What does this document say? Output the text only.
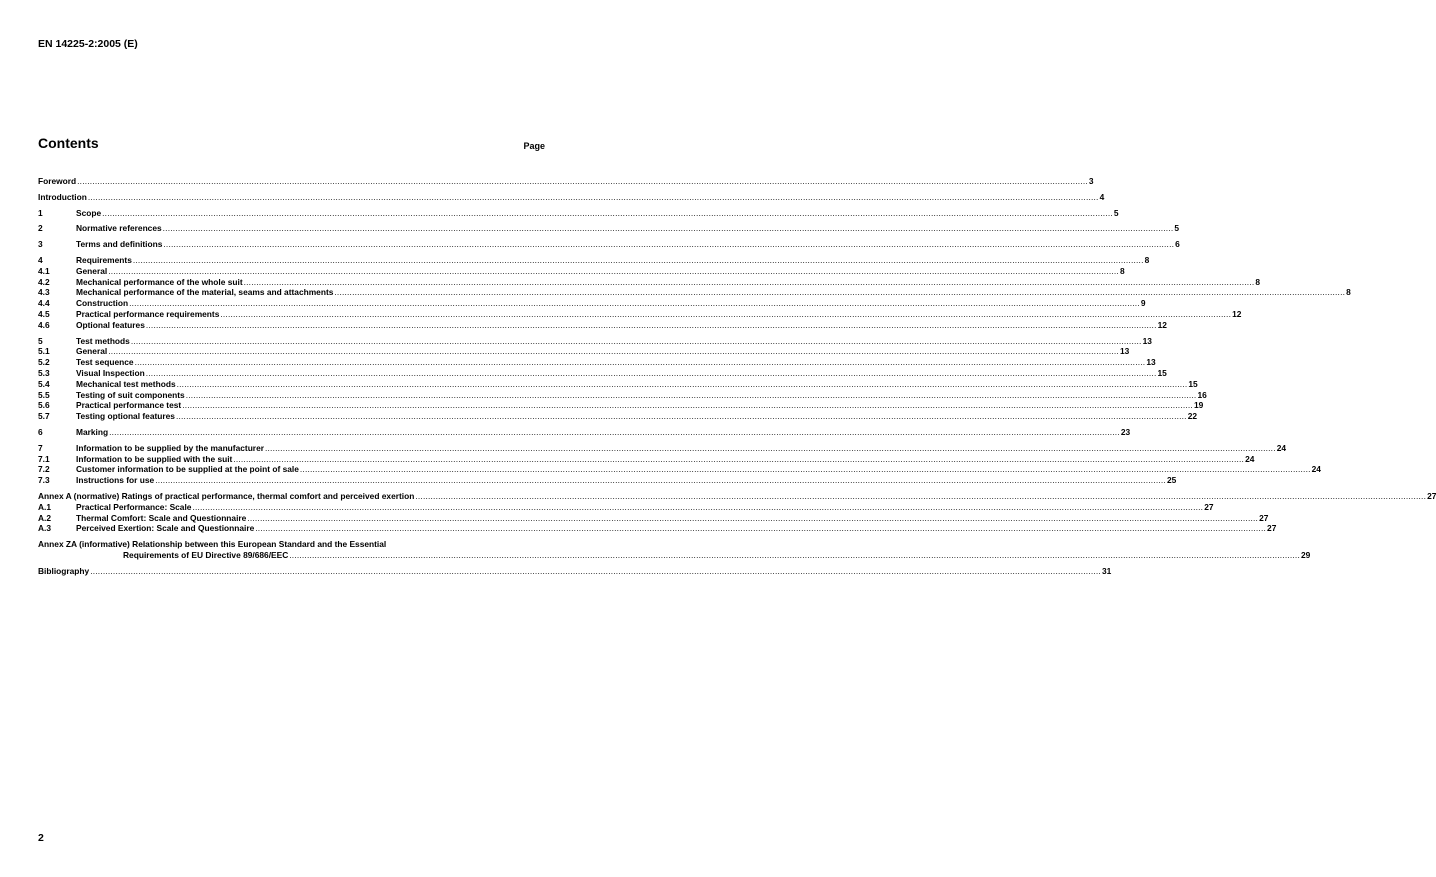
EN 14225-2:2005 (E)
Contents	Page
Foreword ................................................................................................................................................................................................................................................................................................................................................................................................................ 3
Introduction ................................................................................................................................................................................................................................................................................................................................................................................................................ 4
1	Scope ................................................................................................................................................................................................................................................................................................................................................................................................................ 5
2	Normative references ................................................................................................................................................................................................................................................................................................................................................................................................................ 5
3	Terms and definitions ................................................................................................................................................................................................................................................................................................................................................................................................................ 6
4	Requirements ................................................................................................................................................................................................................................................................................................................................................................................................................ 8
4.1	General ................................................................................................................................................................................................................................................................................................................................................................................................................ 8
4.2	Mechanical performance of the whole suit ................................................................................................................................................................................................................................................................................................................................................................................................................ 8
4.3	Mechanical performance of the material, seams and attachments ................................................................................................................................................................................................................................................................................................................................................................................................................ 8
4.4	Construction ................................................................................................................................................................................................................................................................................................................................................................................................................ 9
4.5	Practical performance requirements ................................................................................................................................................................................................................................................................................................................................................................................................................ 12
4.6	Optional features ................................................................................................................................................................................................................................................................................................................................................................................................................ 12
5	Test methods ................................................................................................................................................................................................................................................................................................................................................................................................................ 13
5.1	General ................................................................................................................................................................................................................................................................................................................................................................................................................ 13
5.2	Test sequence ................................................................................................................................................................................................................................................................................................................................................................................................................ 13
5.3	Visual Inspection ................................................................................................................................................................................................................................................................................................................................................................................................................ 15
5.4	Mechanical test methods ................................................................................................................................................................................................................................................................................................................................................................................................................ 15
5.5	Testing of suit components ................................................................................................................................................................................................................................................................................................................................................................................................................ 16
5.6	Practical performance test ................................................................................................................................................................................................................................................................................................................................................................................................................ 19
5.7	Testing optional features ................................................................................................................................................................................................................................................................................................................................................................................................................ 22
6	Marking ................................................................................................................................................................................................................................................................................................................................................................................................................ 23
7	Information to be supplied by the manufacturer ................................................................................................................................................................................................................................................................................................................................................................................................................ 24
7.1	Information to be supplied with the suit ................................................................................................................................................................................................................................................................................................................................................................................................................ 24
7.2	Customer information to be supplied at the point of sale ................................................................................................................................................................................................................................................................................................................................................................................................................ 24
7.3	Instructions for use ................................................................................................................................................................................................................................................................................................................................................................................................................ 25
Annex A (normative) Ratings of practical performance, thermal comfort and perceived exertion ................................................................................................................................................................................................................................................................................................................................................................................................................ 27
A.1	Practical Performance: Scale ................................................................................................................................................................................................................................................................................................................................................................................................................ 27
A.2	Thermal Comfort: Scale and Questionnaire ................................................................................................................................................................................................................................................................................................................................................................................................................ 27
A.3	Perceived Exertion: Scale and Questionnaire ................................................................................................................................................................................................................................................................................................................................................................................................................ 27
Annex ZA (informative) Relationship between this European Standard and the Essential
Requirements of EU Directive 89/686/EEC ................................................................................................................................................................................................................................................................................................................................................................................................................ 29
Bibliography ................................................................................................................................................................................................................................................................................................................................................................................................................ 31
2
